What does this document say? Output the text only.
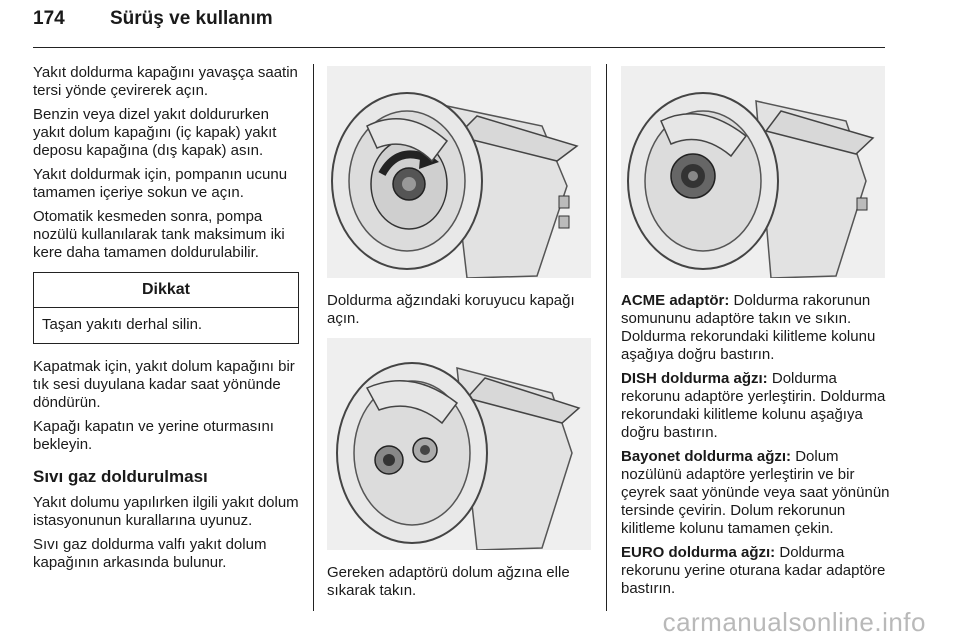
174 Sürüş ve kullanım

Yakıt doldurma kapağını yavaşça saatin tersi yönde çevirerek açın.

Benzin veya dizel yakıt doldururken yakıt dolum kapağını (iç kapak) yakıt deposu kapağına (dış kapak) asın.

Yakıt doldurmak için, pompanın ucunu tamamen içeriye sokun ve açın.

Otomatik kesmeden sonra, pompa nozülü kullanılarak tank maksimum iki kere daha tamamen doldurulabilir.

Dikkat
Taşan yakıtı derhal silin.

Kapatmak için, yakıt dolum kapağını bir tık sesi duyulana kadar saat yönünde döndürün.

Kapağı kapatın ve yerine oturmasını bekleyin.

Sıvı gaz doldurulması

Yakıt dolumu yapılırken ilgili yakıt dolum istasyonunun kurallarına uyunuz.

Sıvı gaz doldurma valfı yakıt dolum kapağının arkasında bulunur.

Doldurma ağzındaki koruyucu kapağı açın.
Gereken adaptörü dolum ağzına elle sıkarak takın.

ACME adaptör: Doldurma rakorunun somununu adaptöre takın ve sıkın. Doldurma rekorundaki kilitleme kolunu aşağıya doğru bastırın.

DISH doldurma ağzı: Doldurma rekorunu adaptöre yerleştirin. Doldurma rekorundaki kilitleme kolunu aşağıya doğru bastırın.

Bayonet doldurma ağzı: Dolum nozülünü adaptöre yerleştirin ve bir çeyrek saat yönünde veya saat yönünün tersinde çevirin. Dolum rekorunun kilitleme kolunu tamamen çekin.

EURO doldurma ağzı: Doldurma rekorunu yerine oturana kadar adaptöre bastırın.

carmanualsonline.info
